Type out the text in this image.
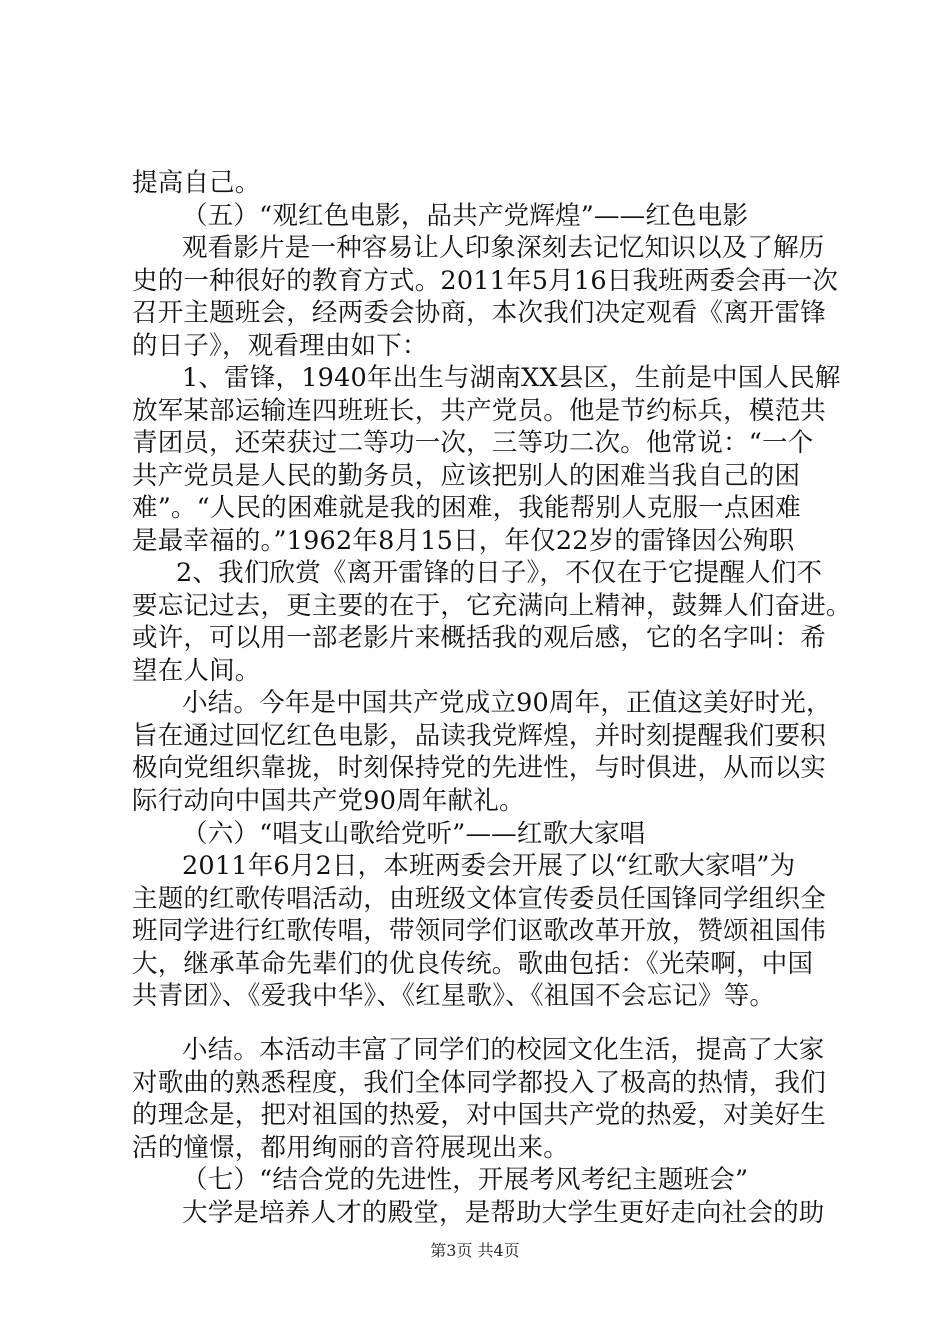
提高自己。
（五）“观红色电影，品共产党辉煌”——红色电影
观看影片是一种容易让人印象深刻去记忆知识以及了解历
史的一种很好的教育方式。2011年5月16日我班两委会再一次
召开主题班会，经两委会协商，本次我们决定观看《离开雷锋
的日子》，观看理由如下：
1、雷锋，1940年出生与湖南XX县区，生前是中国人民解
放军某部运输连四班班长，共产党员。他是节约标兵，模范共
青团员，还荣获过二等功一次，三等功二次。他常说：“一个
共产党员是人民的勤务员，应该把别人的困难当我自己的困
难”。“人民的困难就是我的困难，我能帮别人克服一点困难
是最幸福的。”1962年8月15日，年仅22岁的雷锋因公殉职
2、我们欣赏《离开雷锋的日子》，不仅在于它提醒人们不
要忘记过去，更主要的在于，它充满向上精神，鼓舞人们奋进。
或许，可以用一部老影片来概括我的观后感，它的名字叫：希
望在人间。
小结。今年是中国共产党成立90周年，正值这美好时光，
旨在通过回忆红色电影，品读我党辉煌，并时刻提醒我们要积
极向党组织靠拢，时刻保持党的先进性，与时俱进，从而以实
际行动向中国共产党90周年献礼。
（六）“唱支山歌给党听”——红歌大家唱
2011年6月2日，本班两委会开展了以“红歌大家唱”为
主题的红歌传唱活动，由班级文体宣传委员任国锋同学组织全
班同学进行红歌传唱，带领同学们讴歌改革开放，赞颂祖国伟
大，继承革命先辈们的优良传统。歌曲包括：《光荣啊，中国
共青团》、《爱我中华》、《红星歌》、《祖国不会忘记》等。
小结。本活动丰富了同学们的校园文化生活，提高了大家
对歌曲的熟悉程度，我们全体同学都投入了极高的热情，我们
的理念是，把对祖国的热爱，对中国共产党的热爱，对美好生
活的憧憬，都用绚丽的音符展现出来。
（七）“结合党的先进性，开展考风考纪主题班会”
大学是培养人才的殿堂，是帮助大学生更好走向社会的助
第3页 共4页
